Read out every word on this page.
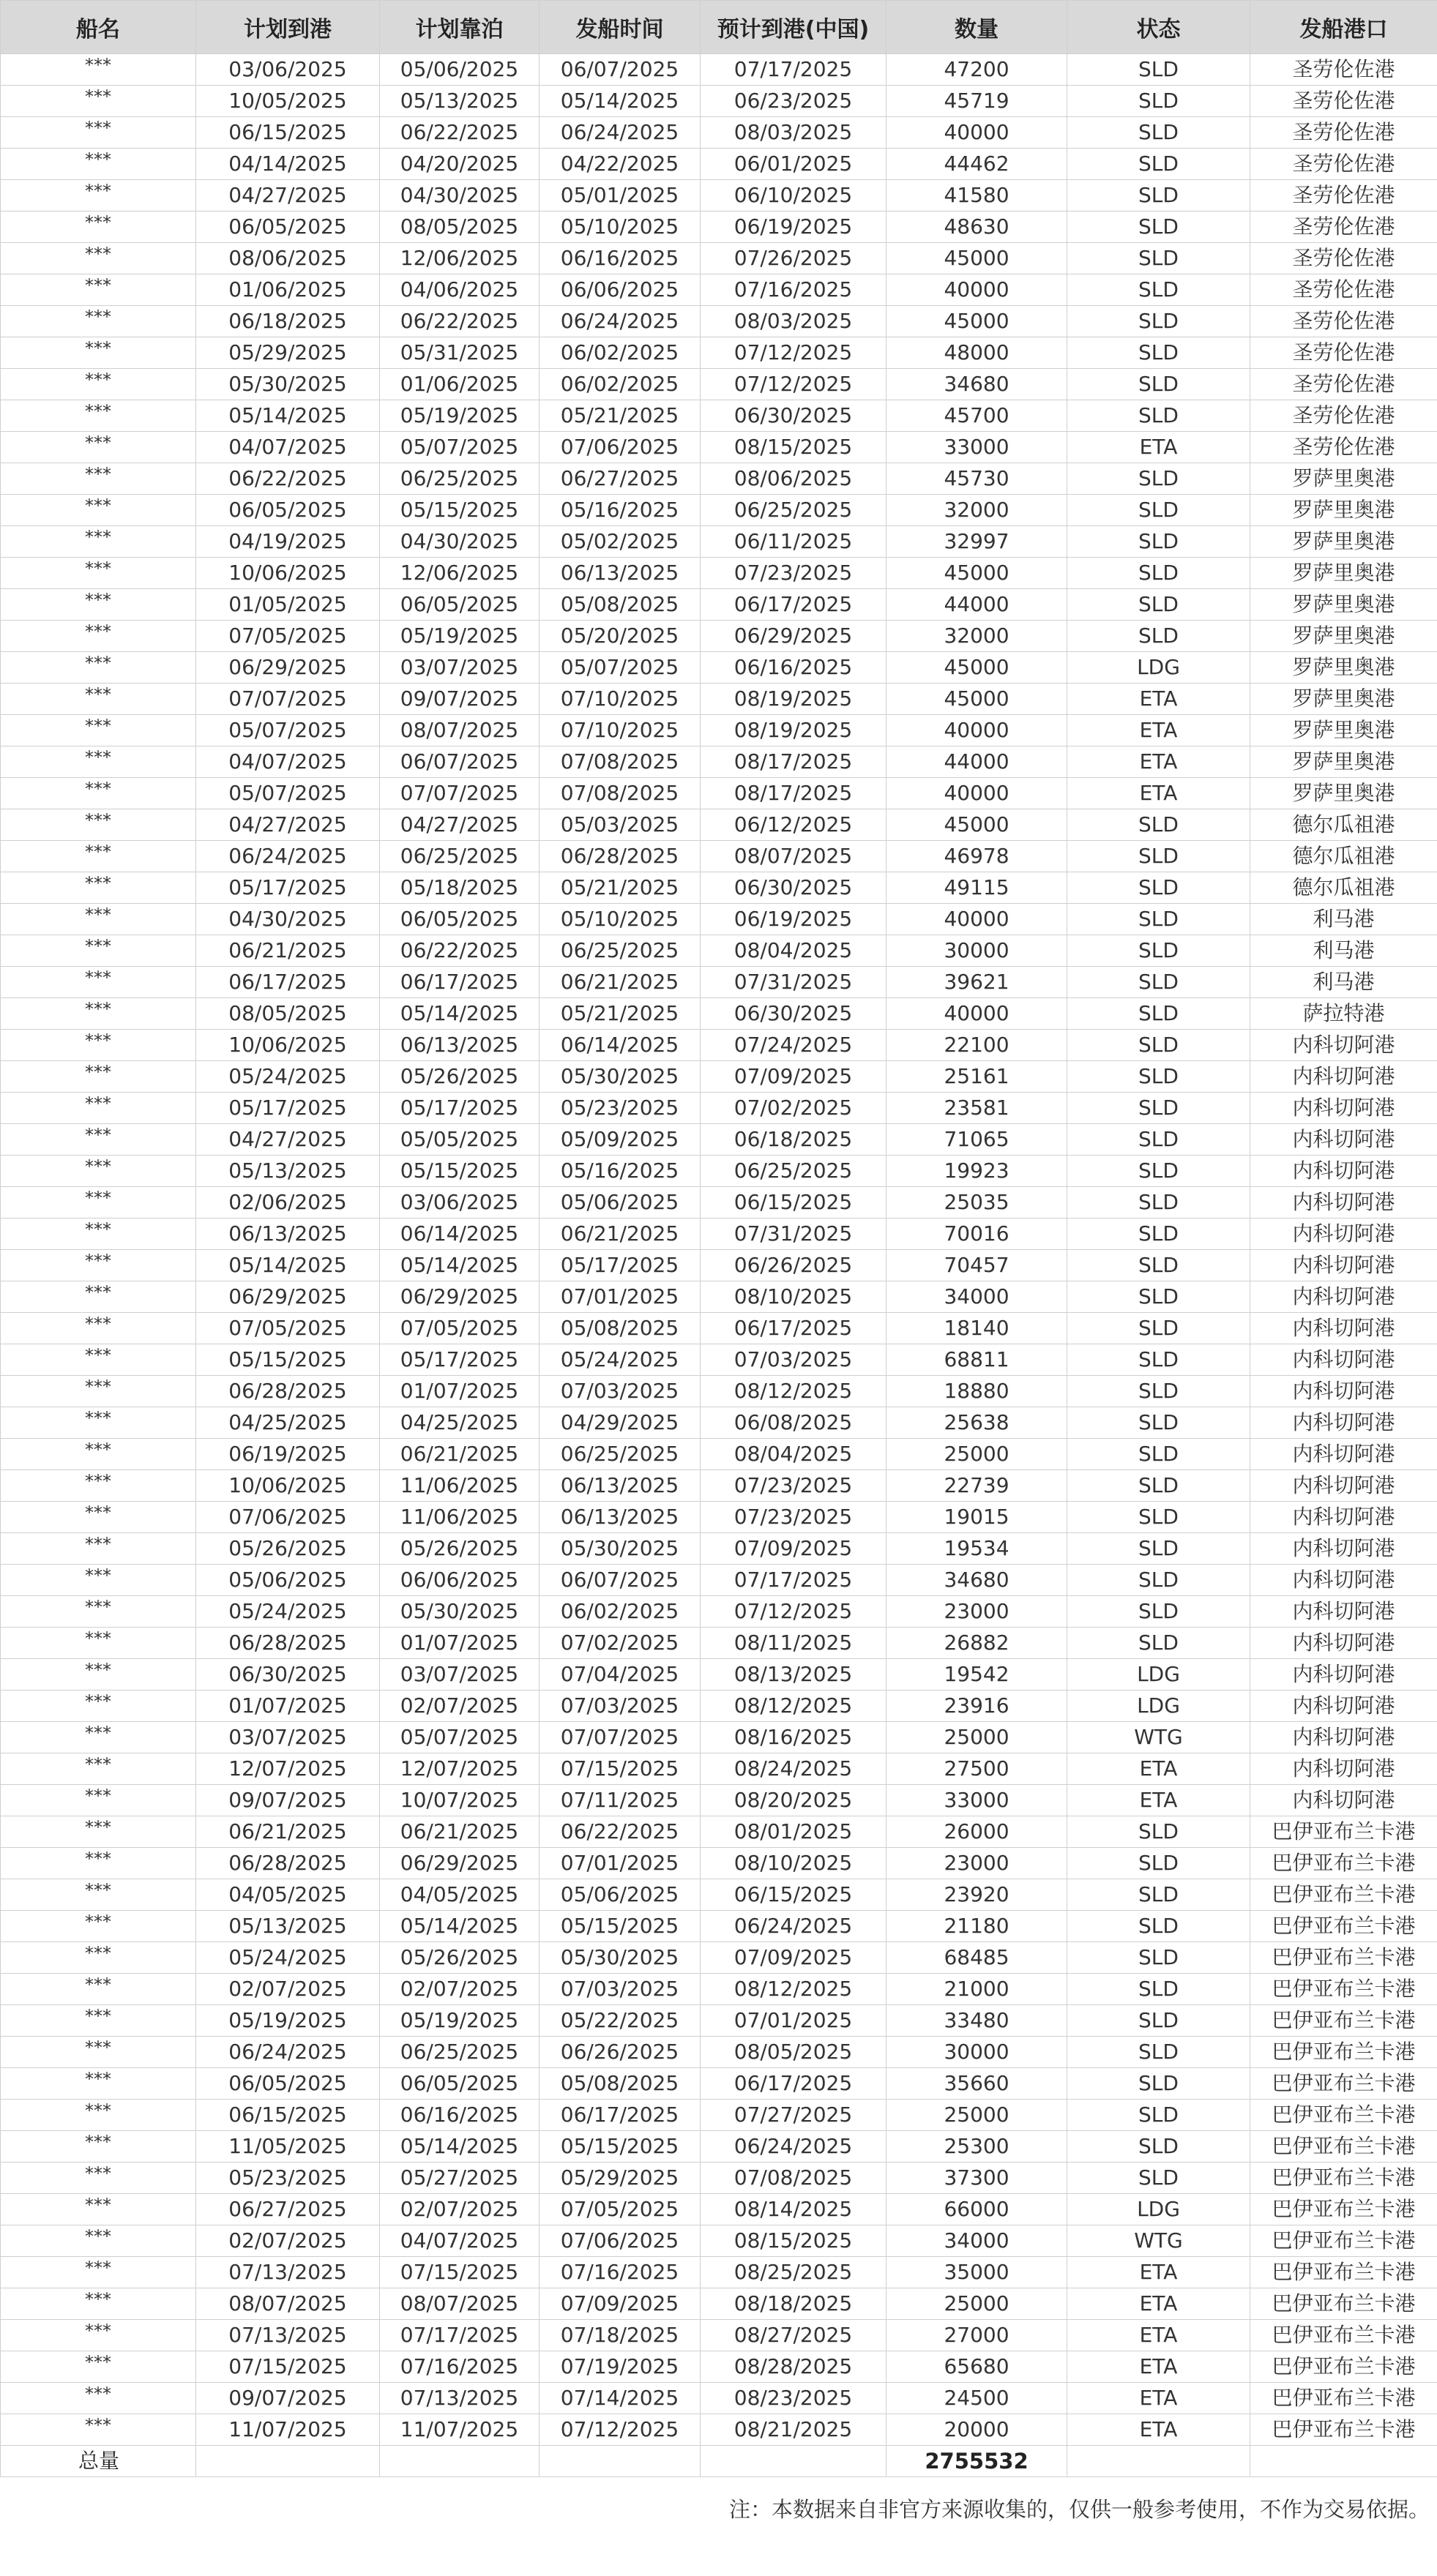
船名	计划到港	计划靠泊	发船时间	预计到港(中国)	数量	状态	发船港口
***	03/06/2025	05/06/2025	06/07/2025	07/17/2025	47200	SLD	圣劳伦佐港
***	10/05/2025	05/13/2025	05/14/2025	06/23/2025	45719	SLD	圣劳伦佐港
***	06/15/2025	06/22/2025	06/24/2025	08/03/2025	40000	SLD	圣劳伦佐港
***	04/14/2025	04/20/2025	04/22/2025	06/01/2025	44462	SLD	圣劳伦佐港
***	04/27/2025	04/30/2025	05/01/2025	06/10/2025	41580	SLD	圣劳伦佐港
***	06/05/2025	08/05/2025	05/10/2025	06/19/2025	48630	SLD	圣劳伦佐港
***	08/06/2025	12/06/2025	06/16/2025	07/26/2025	45000	SLD	圣劳伦佐港
***	01/06/2025	04/06/2025	06/06/2025	07/16/2025	40000	SLD	圣劳伦佐港
***	06/18/2025	06/22/2025	06/24/2025	08/03/2025	45000	SLD	圣劳伦佐港
***	05/29/2025	05/31/2025	06/02/2025	07/12/2025	48000	SLD	圣劳伦佐港
***	05/30/2025	01/06/2025	06/02/2025	07/12/2025	34680	SLD	圣劳伦佐港
***	05/14/2025	05/19/2025	05/21/2025	06/30/2025	45700	SLD	圣劳伦佐港
***	04/07/2025	05/07/2025	07/06/2025	08/15/2025	33000	ETA	圣劳伦佐港
***	06/22/2025	06/25/2025	06/27/2025	08/06/2025	45730	SLD	罗萨里奥港
***	06/05/2025	05/15/2025	05/16/2025	06/25/2025	32000	SLD	罗萨里奥港
***	04/19/2025	04/30/2025	05/02/2025	06/11/2025	32997	SLD	罗萨里奥港
***	10/06/2025	12/06/2025	06/13/2025	07/23/2025	45000	SLD	罗萨里奥港
***	01/05/2025	06/05/2025	05/08/2025	06/17/2025	44000	SLD	罗萨里奥港
***	07/05/2025	05/19/2025	05/20/2025	06/29/2025	32000	SLD	罗萨里奥港
***	06/29/2025	03/07/2025	05/07/2025	06/16/2025	45000	LDG	罗萨里奥港
***	07/07/2025	09/07/2025	07/10/2025	08/19/2025	45000	ETA	罗萨里奥港
***	05/07/2025	08/07/2025	07/10/2025	08/19/2025	40000	ETA	罗萨里奥港
***	04/07/2025	06/07/2025	07/08/2025	08/17/2025	44000	ETA	罗萨里奥港
***	05/07/2025	07/07/2025	07/08/2025	08/17/2025	40000	ETA	罗萨里奥港
***	04/27/2025	04/27/2025	05/03/2025	06/12/2025	45000	SLD	德尔瓜祖港
***	06/24/2025	06/25/2025	06/28/2025	08/07/2025	46978	SLD	德尔瓜祖港
***	05/17/2025	05/18/2025	05/21/2025	06/30/2025	49115	SLD	德尔瓜祖港
***	04/30/2025	06/05/2025	05/10/2025	06/19/2025	40000	SLD	利马港
***	06/21/2025	06/22/2025	06/25/2025	08/04/2025	30000	SLD	利马港
***	06/17/2025	06/17/2025	06/21/2025	07/31/2025	39621	SLD	利马港
***	08/05/2025	05/14/2025	05/21/2025	06/30/2025	40000	SLD	萨拉特港
***	10/06/2025	06/13/2025	06/14/2025	07/24/2025	22100	SLD	内科切阿港
***	05/24/2025	05/26/2025	05/30/2025	07/09/2025	25161	SLD	内科切阿港
***	05/17/2025	05/17/2025	05/23/2025	07/02/2025	23581	SLD	内科切阿港
***	04/27/2025	05/05/2025	05/09/2025	06/18/2025	71065	SLD	内科切阿港
***	05/13/2025	05/15/2025	05/16/2025	06/25/2025	19923	SLD	内科切阿港
***	02/06/2025	03/06/2025	05/06/2025	06/15/2025	25035	SLD	内科切阿港
***	06/13/2025	06/14/2025	06/21/2025	07/31/2025	70016	SLD	内科切阿港
***	05/14/2025	05/14/2025	05/17/2025	06/26/2025	70457	SLD	内科切阿港
***	06/29/2025	06/29/2025	07/01/2025	08/10/2025	34000	SLD	内科切阿港
***	07/05/2025	07/05/2025	05/08/2025	06/17/2025	18140	SLD	内科切阿港
***	05/15/2025	05/17/2025	05/24/2025	07/03/2025	68811	SLD	内科切阿港
***	06/28/2025	01/07/2025	07/03/2025	08/12/2025	18880	SLD	内科切阿港
***	04/25/2025	04/25/2025	04/29/2025	06/08/2025	25638	SLD	内科切阿港
***	06/19/2025	06/21/2025	06/25/2025	08/04/2025	25000	SLD	内科切阿港
***	10/06/2025	11/06/2025	06/13/2025	07/23/2025	22739	SLD	内科切阿港
***	07/06/2025	11/06/2025	06/13/2025	07/23/2025	19015	SLD	内科切阿港
***	05/26/2025	05/26/2025	05/30/2025	07/09/2025	19534	SLD	内科切阿港
***	05/06/2025	06/06/2025	06/07/2025	07/17/2025	34680	SLD	内科切阿港
***	05/24/2025	05/30/2025	06/02/2025	07/12/2025	23000	SLD	内科切阿港
***	06/28/2025	01/07/2025	07/02/2025	08/11/2025	26882	SLD	内科切阿港
***	06/30/2025	03/07/2025	07/04/2025	08/13/2025	19542	LDG	内科切阿港
***	01/07/2025	02/07/2025	07/03/2025	08/12/2025	23916	LDG	内科切阿港
***	03/07/2025	05/07/2025	07/07/2025	08/16/2025	25000	WTG	内科切阿港
***	12/07/2025	12/07/2025	07/15/2025	08/24/2025	27500	ETA	内科切阿港
***	09/07/2025	10/07/2025	07/11/2025	08/20/2025	33000	ETA	内科切阿港
***	06/21/2025	06/21/2025	06/22/2025	08/01/2025	26000	SLD	巴伊亚布兰卡港
***	06/28/2025	06/29/2025	07/01/2025	08/10/2025	23000	SLD	巴伊亚布兰卡港
***	04/05/2025	04/05/2025	05/06/2025	06/15/2025	23920	SLD	巴伊亚布兰卡港
***	05/13/2025	05/14/2025	05/15/2025	06/24/2025	21180	SLD	巴伊亚布兰卡港
***	05/24/2025	05/26/2025	05/30/2025	07/09/2025	68485	SLD	巴伊亚布兰卡港
***	02/07/2025	02/07/2025	07/03/2025	08/12/2025	21000	SLD	巴伊亚布兰卡港
***	05/19/2025	05/19/2025	05/22/2025	07/01/2025	33480	SLD	巴伊亚布兰卡港
***	06/24/2025	06/25/2025	06/26/2025	08/05/2025	30000	SLD	巴伊亚布兰卡港
***	06/05/2025	06/05/2025	05/08/2025	06/17/2025	35660	SLD	巴伊亚布兰卡港
***	06/15/2025	06/16/2025	06/17/2025	07/27/2025	25000	SLD	巴伊亚布兰卡港
***	11/05/2025	05/14/2025	05/15/2025	06/24/2025	25300	SLD	巴伊亚布兰卡港
***	05/23/2025	05/27/2025	05/29/2025	07/08/2025	37300	SLD	巴伊亚布兰卡港
***	06/27/2025	02/07/2025	07/05/2025	08/14/2025	66000	LDG	巴伊亚布兰卡港
***	02/07/2025	04/07/2025	07/06/2025	08/15/2025	34000	WTG	巴伊亚布兰卡港
***	07/13/2025	07/15/2025	07/16/2025	08/25/2025	35000	ETA	巴伊亚布兰卡港
***	08/07/2025	08/07/2025	07/09/2025	08/18/2025	25000	ETA	巴伊亚布兰卡港
***	07/13/2025	07/17/2025	07/18/2025	08/27/2025	27000	ETA	巴伊亚布兰卡港
***	07/15/2025	07/16/2025	07/19/2025	08/28/2025	65680	ETA	巴伊亚布兰卡港
***	09/07/2025	07/13/2025	07/14/2025	08/23/2025	24500	ETA	巴伊亚布兰卡港
***	11/07/2025	11/07/2025	07/12/2025	08/21/2025	20000	ETA	巴伊亚布兰卡港
总量					2755532		
注：本数据来自非官方来源收集的，仅供一般参考使用，不作为交易依据。
